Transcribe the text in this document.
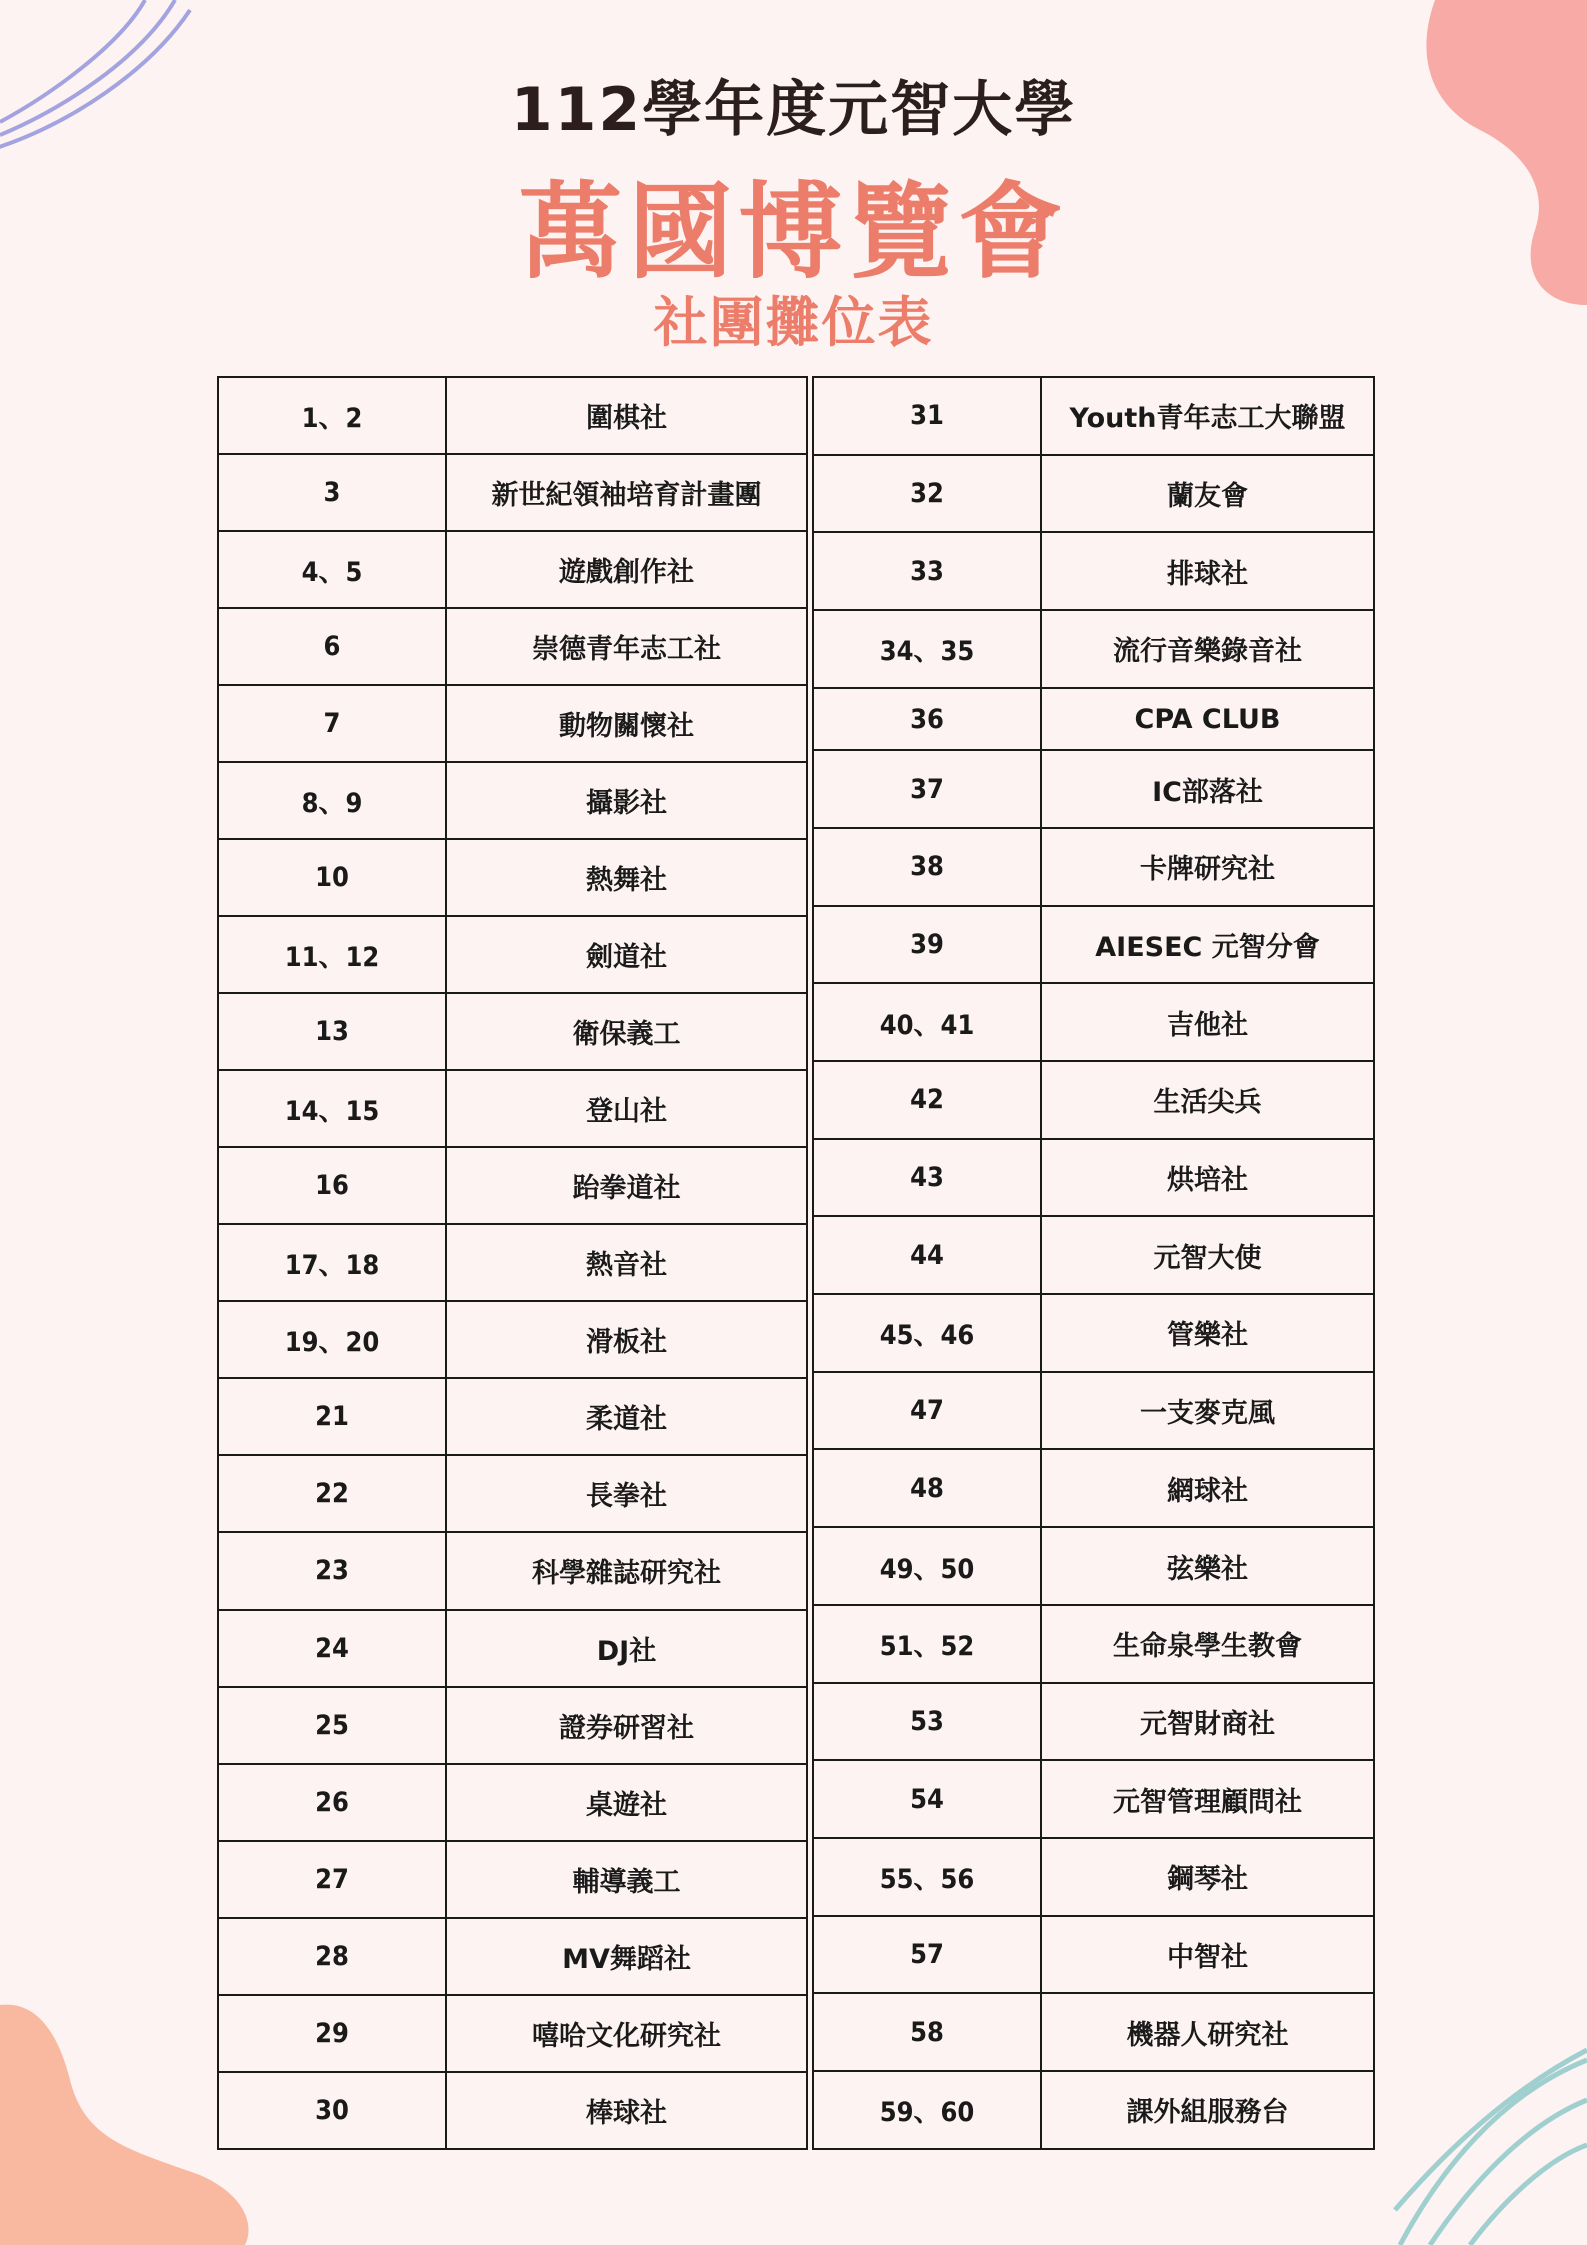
112學年度元智大學
萬國博覽會
社團攤位表
1、2	圍棋社
3	新世紀領袖培育計畫團
4、5	遊戲創作社
6	崇德青年志工社
7	動物關懷社
8、9	攝影社
10	熱舞社
11、12	劍道社
13	衛保義工
14、15	登山社
16	跆拳道社
17、18	熱音社
19、20	滑板社
21	柔道社
22	長拳社
23	科學雜誌研究社
24	DJ社
25	證券研習社
26	桌遊社
27	輔導義工
28	MV舞蹈社
29	嘻哈文化研究社
30	棒球社
31	Youth青年志工大聯盟
32	蘭友會
33	排球社
34、35	流行音樂錄音社
36	CPA CLUB
37	IC部落社
38	卡牌研究社
39	AIESEC 元智分會
40、41	吉他社
42	生活尖兵
43	烘培社
44	元智大使
45、46	管樂社
47	一支麥克風
48	網球社
49、50	弦樂社
51、52	生命泉學生教會
53	元智財商社
54	元智管理顧問社
55、56	鋼琴社
57	中智社
58	機器人研究社
59、60	課外組服務台
